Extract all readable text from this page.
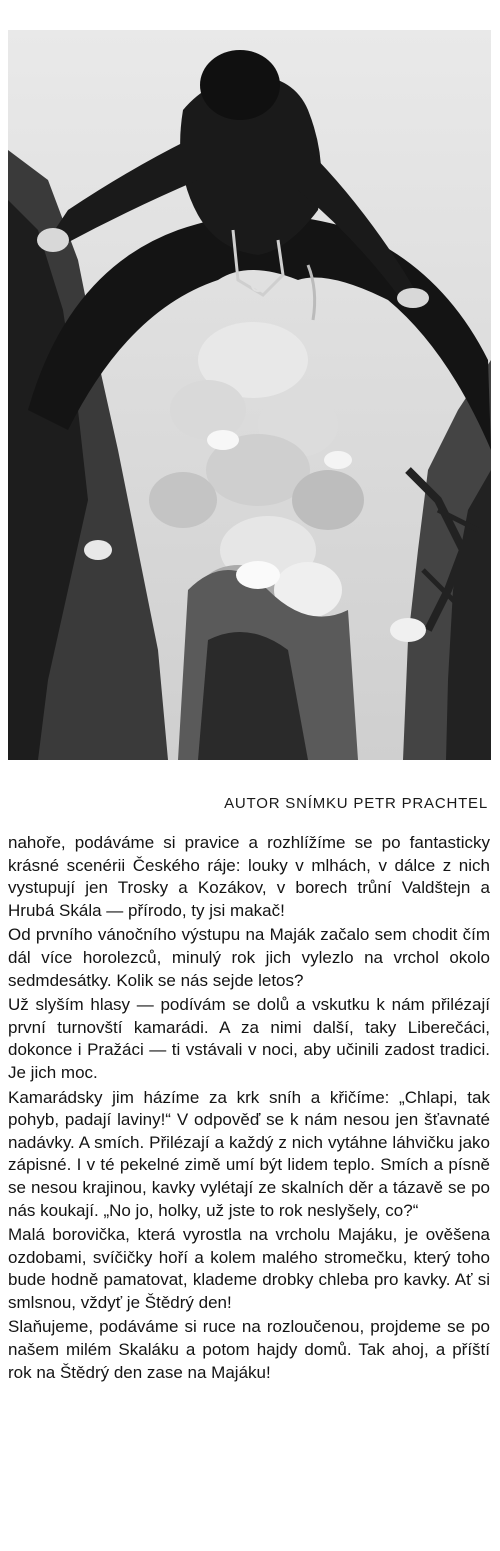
AUTOR SNÍMKU PETR PRACHTEL

nahoře, podáváme si pravice a rozhlížíme se po fantasticky krásné scenérii Českého ráje: louky v mlhách, v dálce z nich vystupují jen Trosky a Kozákov, v borech trůní Valdštejn a Hrubá Skála — přírodo, ty jsi makač!

Od prvního vánočního výstupu na Maják začalo sem chodit čím dál více horolezců, minulý rok jich vylezlo na vrchol okolo sedmdesátky. Kolik se nás sejde letos?

Už slyším hlasy — podívám se dolů a vskutku k nám přilézají první turnovští kamarádi. A za nimi další, taky Liberečáci, dokonce i Pražáci — ti vstávali v noci, aby učinili zadost tradici. Je jich moc.

Kamarádsky jim házíme za krk sníh a křičíme: „Chlapi, tak pohyb, padají laviny!“ V odpověď se k nám nesou jen šťavnaté nadávky. A smích. Přilézají a každý z nich vytáhne láhvičku jako zápisné. I v té pekelné zimě umí být lidem teplo. Smích a písně se nesou krajinou, kavky vylétají ze skalních děr a tázavě se po nás koukají. „No jo, holky, už jste to rok neslyšely, co?“

Malá borovička, která vyrostla na vrcholu Majáku, je ověšena ozdobami, svíčičky hoří a kolem malého stromečku, který toho bude hodně pamatovat, klademe drobky chleba pro kavky. Ať si smlsnou, vždyť je Štědrý den!

Slaňujeme, podáváme si ruce na rozloučenou, projdeme se po našem milém Skaláku a potom hajdy domů. Tak ahoj, a příští rok na Štědrý den zase na Majáku!
